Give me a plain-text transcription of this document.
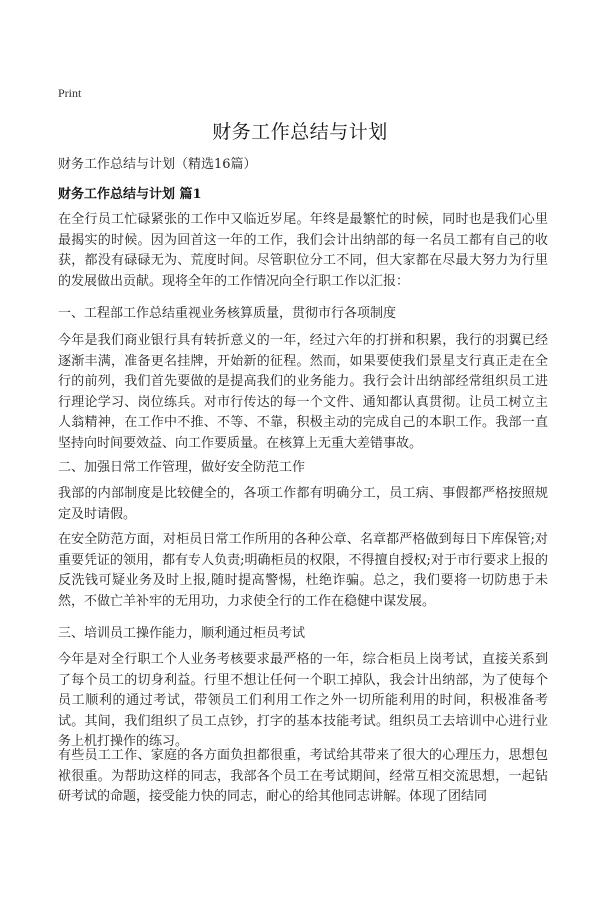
Print
财务工作总结与计划
财务工作总结与计划（精选16篇）
财务工作总结与计划 篇1
在全行员工忙碌紧张的工作中又临近岁尾。年终是最繁忙的时候，同时也是我们心里最揭实的时候。因为回首这一年的工作，我们会计出纳部的每一名员工都有自己的收获，都没有碌碌无为、荒度时间。尽管职位分工不同，但大家都在尽最大努力为行里的发展做出贡献。现将全年的工作情况向全行职工作以汇报：
一、工程部工作总结重视业务核算质量，贯彻市行各项制度
今年是我们商业银行具有转折意义的一年，经过六年的打拼和积累，我行的羽翼已经逐渐丰满，准备更名挂牌，开始新的征程。然而，如果要使我们景星支行真正走在全行的前列，我们首先要做的是提高我们的业务能力。我行会计出纳部经常组织员工进行理论学习、岗位练兵。对市行传达的每一个文件、通知都认真贯彻。让员工树立主人翁精神，在工作中不推、不等、不靠，积极主动的完成自己的本职工作。我部一直坚持向时间要效益、向工作要质量。在核算上无重大差错事故。
二、加强日常工作管理，做好安全防范工作
我部的内部制度是比较健全的，各项工作都有明确分工，员工病、事假都严格按照规定及时请假。
在安全防范方面，对柜员日常工作所用的各种公章、名章都严格做到每日下库保管;对重要凭证的领用，都有专人负责;明确柜员的权限，不得擅自授权;对于市行要求上报的反洗钱可疑业务及时上报,随时提高警惕，杜绝诈骗。总之，我们要将一切防患于未然，不做亡羊补牢的无用功，力求使全行的工作在稳健中谋发展。
三、培训员工操作能力，顺利通过柜员考试
今年是对全行职工个人业务考核要求最严格的一年，综合柜员上岗考试，直接关系到了每个员工的切身利益。行里不想让任何一个职工掉队，我会计出纳部，为了使每个员工顺利的通过考试，带领员工们利用工作之外一切所能利用的时间，积极准备考试。其间，我们组织了员工点钞，打字的基本技能考试。组织员工去培训中心进行业务上机打操作的练习。
有些员工工作、家庭的各方面负担都很重，考试给其带来了很大的心理压力，思想包袱很重。为帮助这样的同志，我部各个员工在考试期间，经常互相交流思想，一起钻研考试的命题，接受能力快的同志，耐心的给其他同志讲解。体现了团结同
